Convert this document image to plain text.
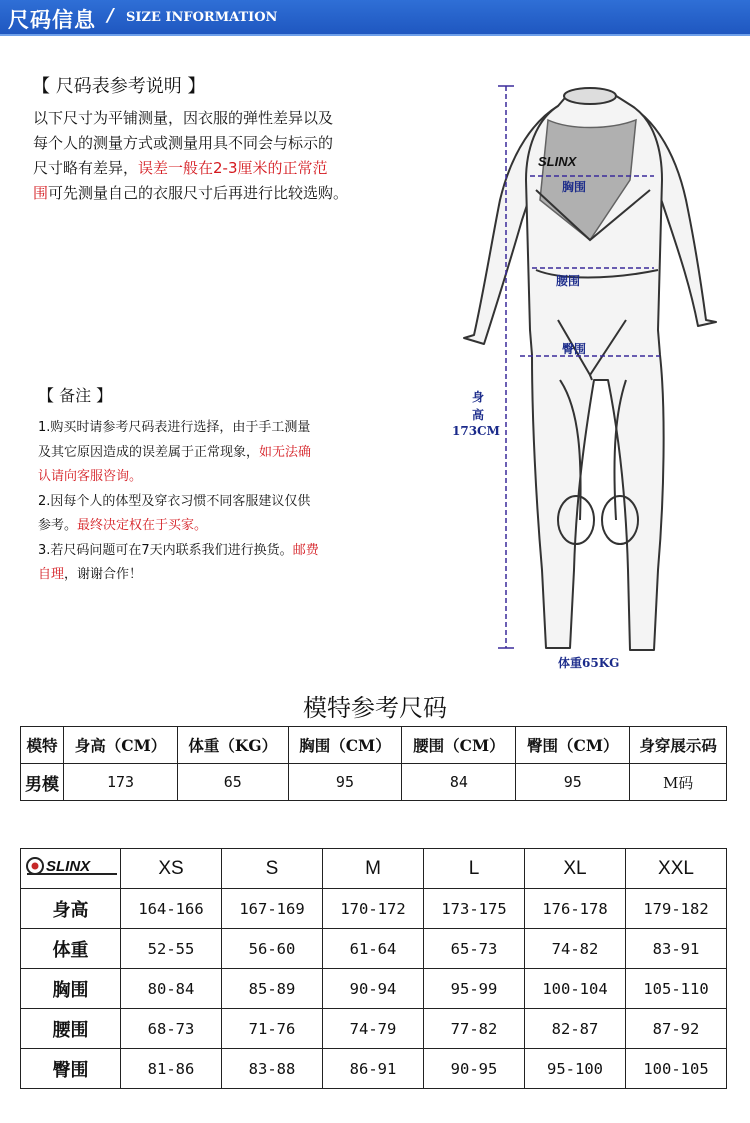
尺码信息 / SIZE INFORMATION
【 尺码表参考说明 】
以下尺寸为平铺测量，因衣服的弹性差异以及
每个人的测量方式或测量用具不同会与标示的
尺寸略有差异，误差一般在2-3厘米的正常范
围可先测量自己的衣服尺寸后再进行比较选购。
【 备注 】
1.购买时请参考尺码表进行选择，由于手工测量
及其它原因造成的误差属于正常现象，如无法确
认请向客服咨询。
2.因每个人的体型及穿衣习惯不同客服建议仅供
参考。最终决定权在于买家。
3.若尺码问题可在7天内联系我们进行换货。邮费
自理，谢谢合作！
SLINX
胸围
腰围
臀围
身
高
173CM
体重65KG
模特参考尺码
模特	身高（CM）	体重（KG）	胸围（CM）	腰围（CM）	臀围（CM）	身穿展示码
男模	173	65	95	84	95	M码
SLINX	XS	S	M	L	XL	XXL
身高	164-166	167-169	170-172	173-175	176-178	179-182
体重	52-55	56-60	61-64	65-73	74-82	83-91
胸围	80-84	85-89	90-94	95-99	100-104	105-110
腰围	68-73	71-76	74-79	77-82	82-87	87-92
臀围	81-86	83-88	86-91	90-95	95-100	100-105
